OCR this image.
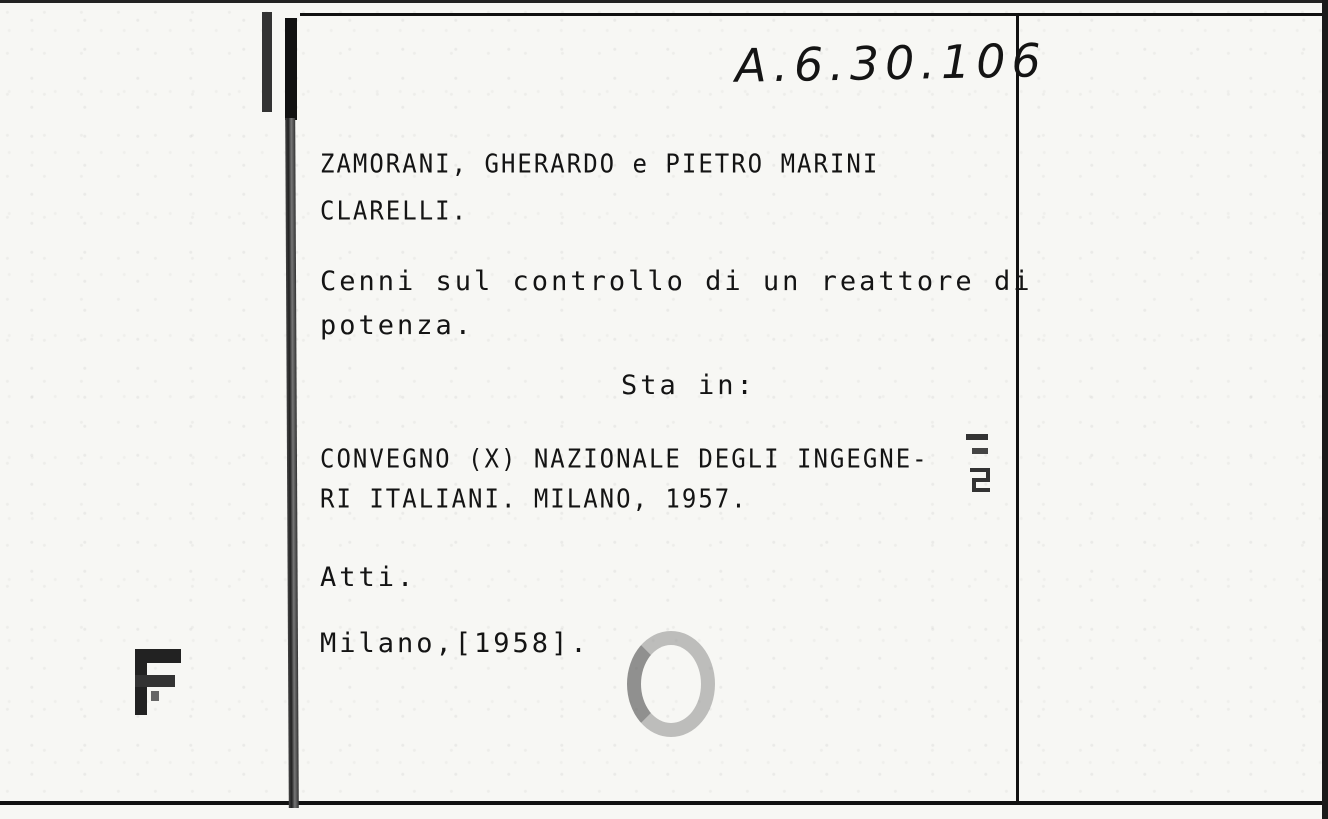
A.6.30.106
ZAMORANI, GHERARDO e PIETRO MARINI
CLARELLI.
Cenni sul controllo di un reattore di
potenza.
Sta in:
CONVEGNO (X) NAZIONALE DEGLI INGEGNE-
RI ITALIANI. MILANO, 1957.
Atti.
Milano,[1958].
